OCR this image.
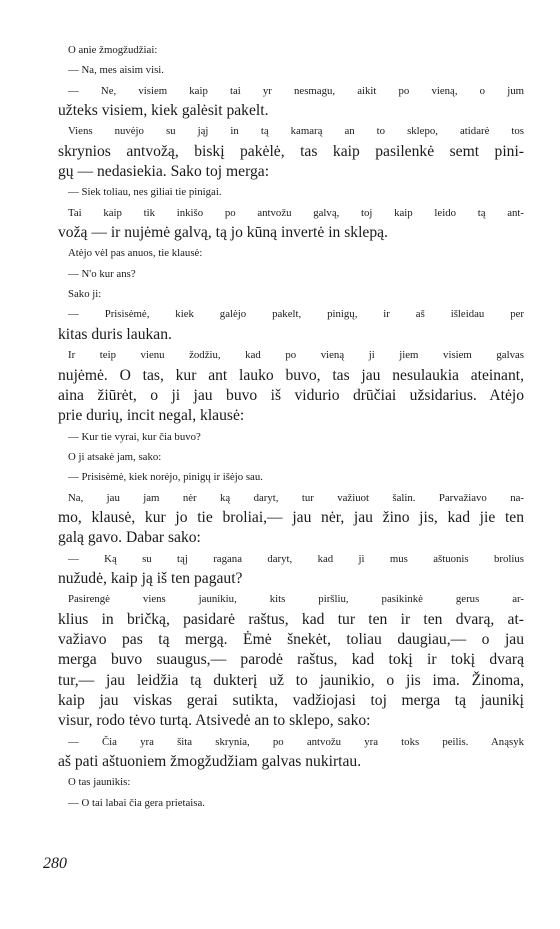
O anie žmogžudžiai:
— Na, mes aisim visi.
— Ne, visiem kaip tai yr nesmagu, aikit po vieną, o jum
užteks visiem, kiek galėsit pakelt.
Viens nuvėjo su jąj in tą kamarą an to sklepo, atidarė tos
skrynios antvožą, biskį pakėlė, tas kaip pasilenkė semt pini-
gų — nedasiekia. Sako toj merga:
— Siek toliau, nes giliai tie pinigai.
Tai kaip tik inkišo po antvožu galvą, toj kaip leido tą ant-
vožą — ir nujėmė galvą, tą jo kūną invertė in sklepą.
Atėjo vėl pas anuos, tie klausė:
— N'o kur ans?
Sako ji:
— Prisisėmė, kiek galėjo pakelt, pinigų, ir aš išleidau per
kitas duris laukan.
Ir teip vienu žodžiu, kad po vieną ji jiem visiem galvas
nujėmė. O tas, kur ant lauko buvo, tas jau nesulaukia ateinant,
aina žiūrėt, o ji jau buvo iš vidurio drūčiai užsidarius. Atėjo
prie durių, incit negal, klausė:
— Kur tie vyrai, kur čia buvo?
O ji atsakė jam, sako:
— Prisisėmė, kiek norėjo, pinigų ir išėjo sau.
Na, jau jam nėr ką daryt, tur važiuot šalin. Parvažiavo na-
mo, klausė, kur jo tie broliai,— jau nėr, jau žino jis, kad jie ten
galą gavo. Dabar sako:
— Ką su tąj ragana daryt, kad ji mus aštuonis brolius
nužudė, kaip ją iš ten pagaut?
Pasirengė viens jaunikiu, kits piršliu, pasikinkė gerus ar-
klius in bričką, pasidarė raštus, kad tur ten ir ten dvarą, at-
važiavo pas tą mergą. Ėmė šnekėt, toliau daugiau,— o jau
merga buvo suaugus,— parodė raštus, kad tokį ir tokį dvarą
tur,— jau leidžia tą dukterį už to jaunikio, o jis ima. Žinoma,
kaip jau viskas gerai sutikta, vadžiojasi toj merga tą jaunikį
visur, rodo tėvo turtą. Atsivedė an to sklepo, sako:
— Čia yra šita skrynia, po antvožu yra toks peilis. Anąsyk
aš pati aštuoniem žmogžudžiam galvas nukirtau.
O tas jaunikis:
— O tai labai čia gera prietaisa.
280
